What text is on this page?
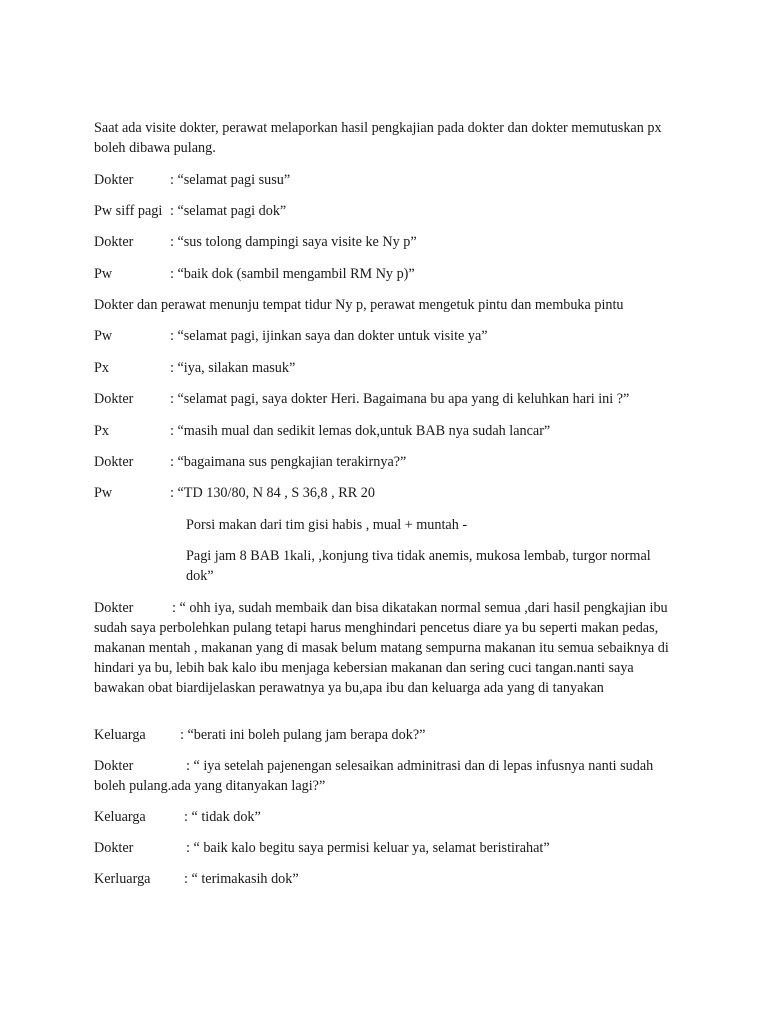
Saat ada visite dokter, perawat melaporkan hasil pengkajian pada dokter dan dokter memutuskan px boleh dibawa pulang.
Dokter	: “selamat pagi susu”
Pw siff pagi : “selamat pagi dok”
Dokter	: “sus tolong dampingi saya visite ke Ny p”
Pw	: “baik dok (sambil mengambil RM Ny p)”
Dokter dan perawat menunju tempat tidur Ny p, perawat mengetuk pintu dan membuka pintu
Pw	: “selamat pagi, ijinkan saya dan dokter untuk visite ya”
Px	: “iya, silakan masuk”
Dokter	: “selamat pagi, saya dokter Heri. Bagaimana bu apa yang di keluhkan hari ini ?”
Px	: “masih mual dan sedikit lemas dok,untuk BAB nya sudah lancar”
Dokter	: “bagaimana sus pengkajian terakirnya?”
Pw	: “TD 130/80, N 84 , S 36,8 , RR 20
Porsi makan dari tim gisi habis , mual + muntah -
Pagi jam 8 BAB 1kali, ,konjung tiva tidak anemis, mukosa lembab, turgor normal dok”
Dokter	: “ ohh iya, sudah membaik dan bisa dikatakan normal semua ,dari hasil pengkajian ibu sudah saya perbolehkan pulang tetapi harus menghindari pencetus diare ya bu seperti makan pedas, makanan mentah , makanan yang di masak belum matang sempurna makanan itu semua sebaiknya di hindari ya bu, lebih bak kalo ibu menjaga kebersian makanan dan sering cuci tangan.nanti saya bawakan obat biardijelaskan perawatnya ya bu,apa ibu dan keluarga ada yang di tanyakan
Keluarga : “berati ini boleh pulang jam berapa dok?”
Dokter	: “ iya setelah pajenengan selesaikan adminitrasi dan di lepas infusnya nanti sudah boleh pulang.ada yang ditanyakan lagi?”
Keluarga	: “ tidak dok”
Dokter	: “ baik kalo begitu saya permisi keluar ya, selamat beristirahat”
Kerluarga : “ terimakasih dok”
